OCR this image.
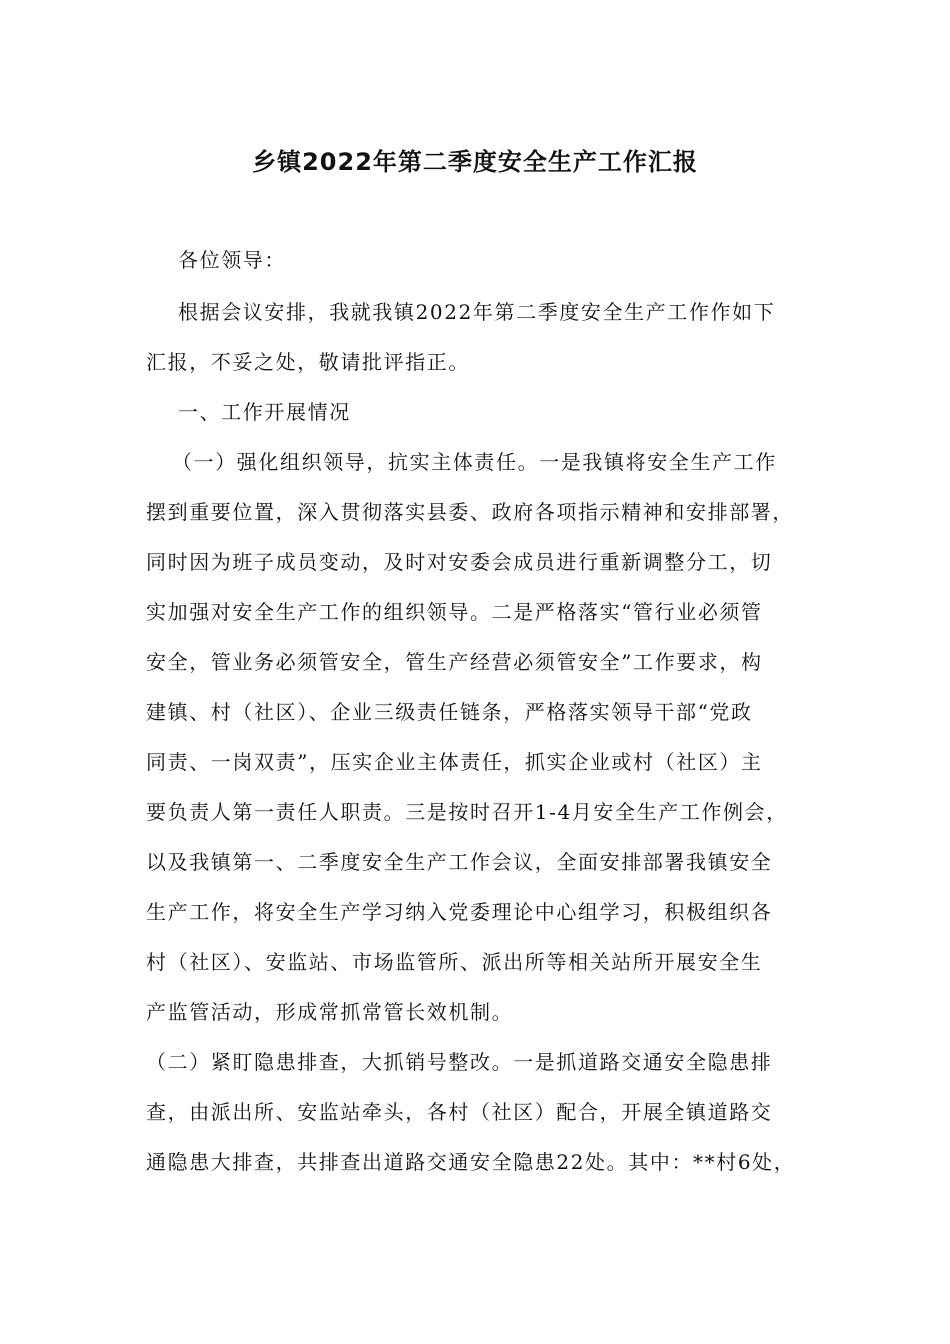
乡镇2022年第二季度安全生产工作汇报
各位领导：
根据会议安排，我就我镇2022年第二季度安全生产工作作如下
汇报，不妥之处，敬请批评指正。
一、工作开展情况
（一）强化组织领导，抗实主体责任。一是我镇将安全生产工作
摆到重要位置，深入贯彻落实县委、政府各项指示精神和安排部署，
同时因为班子成员变动，及时对安委会成员进行重新调整分工，切
实加强对安全生产工作的组织领导。二是严格落实“管行业必须管
安全，管业务必须管安全，管生产经营必须管安全”工作要求，构
建镇、村（社区）、企业三级责任链条，严格落实领导干部“党政
同责、一岗双责”，压实企业主体责任，抓实企业或村（社区）主
要负责人第一责任人职责。三是按时召开1-4月安全生产工作例会，
以及我镇第一、二季度安全生产工作会议，全面安排部署我镇安全
生产工作，将安全生产学习纳入党委理论中心组学习，积极组织各
村（社区）、安监站、市场监管所、派出所等相关站所开展安全生
产监管活动，形成常抓常管长效机制。
（二）紧盯隐患排查，大抓销号整改。一是抓道路交通安全隐患排
查，由派出所、安监站牵头，各村（社区）配合，开展全镇道路交
通隐患大排查，共排查出道路交通安全隐患22处。其中：**村6处，
